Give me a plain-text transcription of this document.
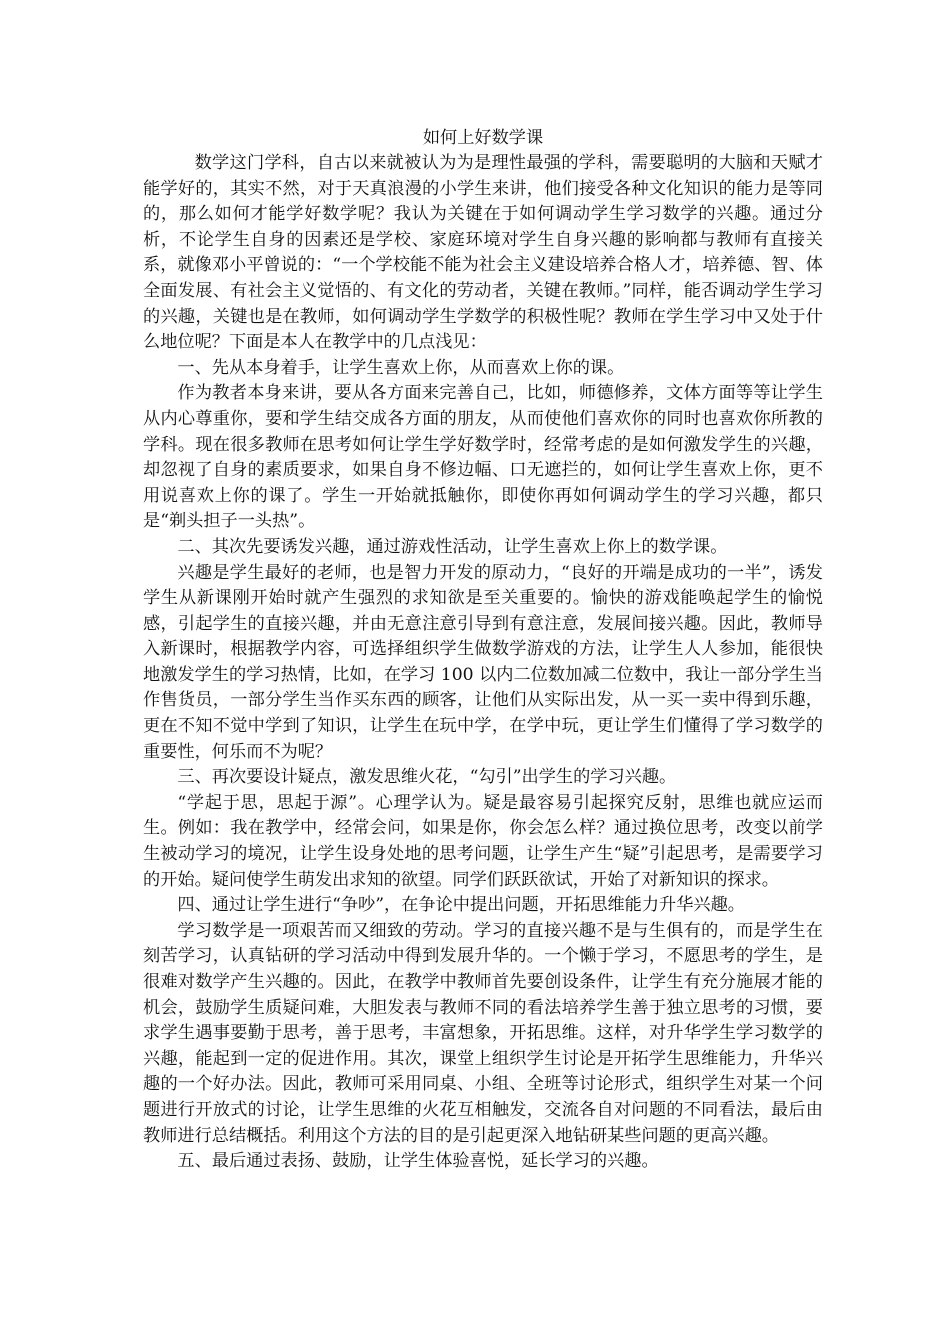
如何上好数学课

数学这门学科，自古以来就被认为为是理性最强的学科，需要聪明的大脑和天赋才能学好的，其实不然，对于天真浪漫的小学生来讲，他们接受各种文化知识的能力是等同的，那么如何才能学好数学呢？我认为关键在于如何调动学生学习数学的兴趣。通过分析，不论学生自身的因素还是学校、家庭环境对学生自身兴趣的影响都与教师有直接关系，就像邓小平曾说的：“一个学校能不能为社会主义建设培养合格人才，培养德、智、体全面发展、有社会主义觉悟的、有文化的劳动者，关键在教师。”同样，能否调动学生学习的兴趣，关键也是在教师，如何调动学生学数学的积极性呢？教师在学生学习中又处于什么地位呢？下面是本人在教学中的几点浅见：

一、先从本身着手，让学生喜欢上你，从而喜欢上你的课。

作为教者本身来讲，要从各方面来完善自己，比如，师德修养，文体方面等等让学生从内心尊重你，要和学生结交成各方面的朋友，从而使他们喜欢你的同时也喜欢你所教的学科。现在很多教师在思考如何让学生学好数学时，经常考虑的是如何激发学生的兴趣，却忽视了自身的素质要求，如果自身不修边幅、口无遮拦的，如何让学生喜欢上你，更不用说喜欢上你的课了。学生一开始就抵触你，即使你再如何调动学生的学习兴趣，都只是“剃头担子一头热”。

二、其次先要诱发兴趣，通过游戏性活动，让学生喜欢上你上的数学课。

兴趣是学生最好的老师，也是智力开发的原动力，“良好的开端是成功的一半”，诱发学生从新课刚开始时就产生强烈的求知欲是至关重要的。愉快的游戏能唤起学生的愉悦感，引起学生的直接兴趣，并由无意注意引导到有意注意，发展间接兴趣。因此，教师导入新课时，根据教学内容，可选择组织学生做数学游戏的方法，让学生人人参加，能很快地激发学生的学习热情，比如，在学习 100 以内二位数加减二位数中，我让一部分学生当作售货员，一部分学生当作买东西的顾客，让他们从实际出发，从一买一卖中得到乐趣，更在不知不觉中学到了知识，让学生在玩中学，在学中玩，更让学生们懂得了学习数学的重要性，何乐而不为呢？

三、再次要设计疑点，激发思维火花，“勾引”出学生的学习兴趣。

“学起于思，思起于源”。心理学认为。疑是最容易引起探究反射，思维也就应运而生。例如：我在教学中，经常会问，如果是你，你会怎么样？通过换位思考，改变以前学生被动学习的境况，让学生设身处地的思考问题，让学生产生“疑”引起思考，是需要学习的开始。疑问使学生萌发出求知的欲望。同学们跃跃欲试，开始了对新知识的探求。

四、通过让学生进行“争吵”，在争论中提出问题，开拓思维能力升华兴趣。

学习数学是一项艰苦而又细致的劳动。学习的直接兴趣不是与生俱有的，而是学生在刻苦学习，认真钻研的学习活动中得到发展升华的。一个懒于学习，不愿思考的学生，是很难对数学产生兴趣的。因此，在教学中教师首先要创设条件，让学生有充分施展才能的机会，鼓励学生质疑问难，大胆发表与教师不同的看法培养学生善于独立思考的习惯，要求学生遇事要勤于思考，善于思考，丰富想象，开拓思维。这样，对升华学生学习数学的兴趣，能起到一定的促进作用。其次，课堂上组织学生讨论是开拓学生思维能力，升华兴趣的一个好办法。因此，教师可采用同桌、小组、全班等讨论形式，组织学生对某一个问题进行开放式的讨论，让学生思维的火花互相触发，交流各自对问题的不同看法，最后由教师进行总结概括。利用这个方法的目的是引起更深入地钻研某些问题的更高兴趣。

五、最后通过表扬、鼓励，让学生体验喜悦，延长学习的兴趣。
